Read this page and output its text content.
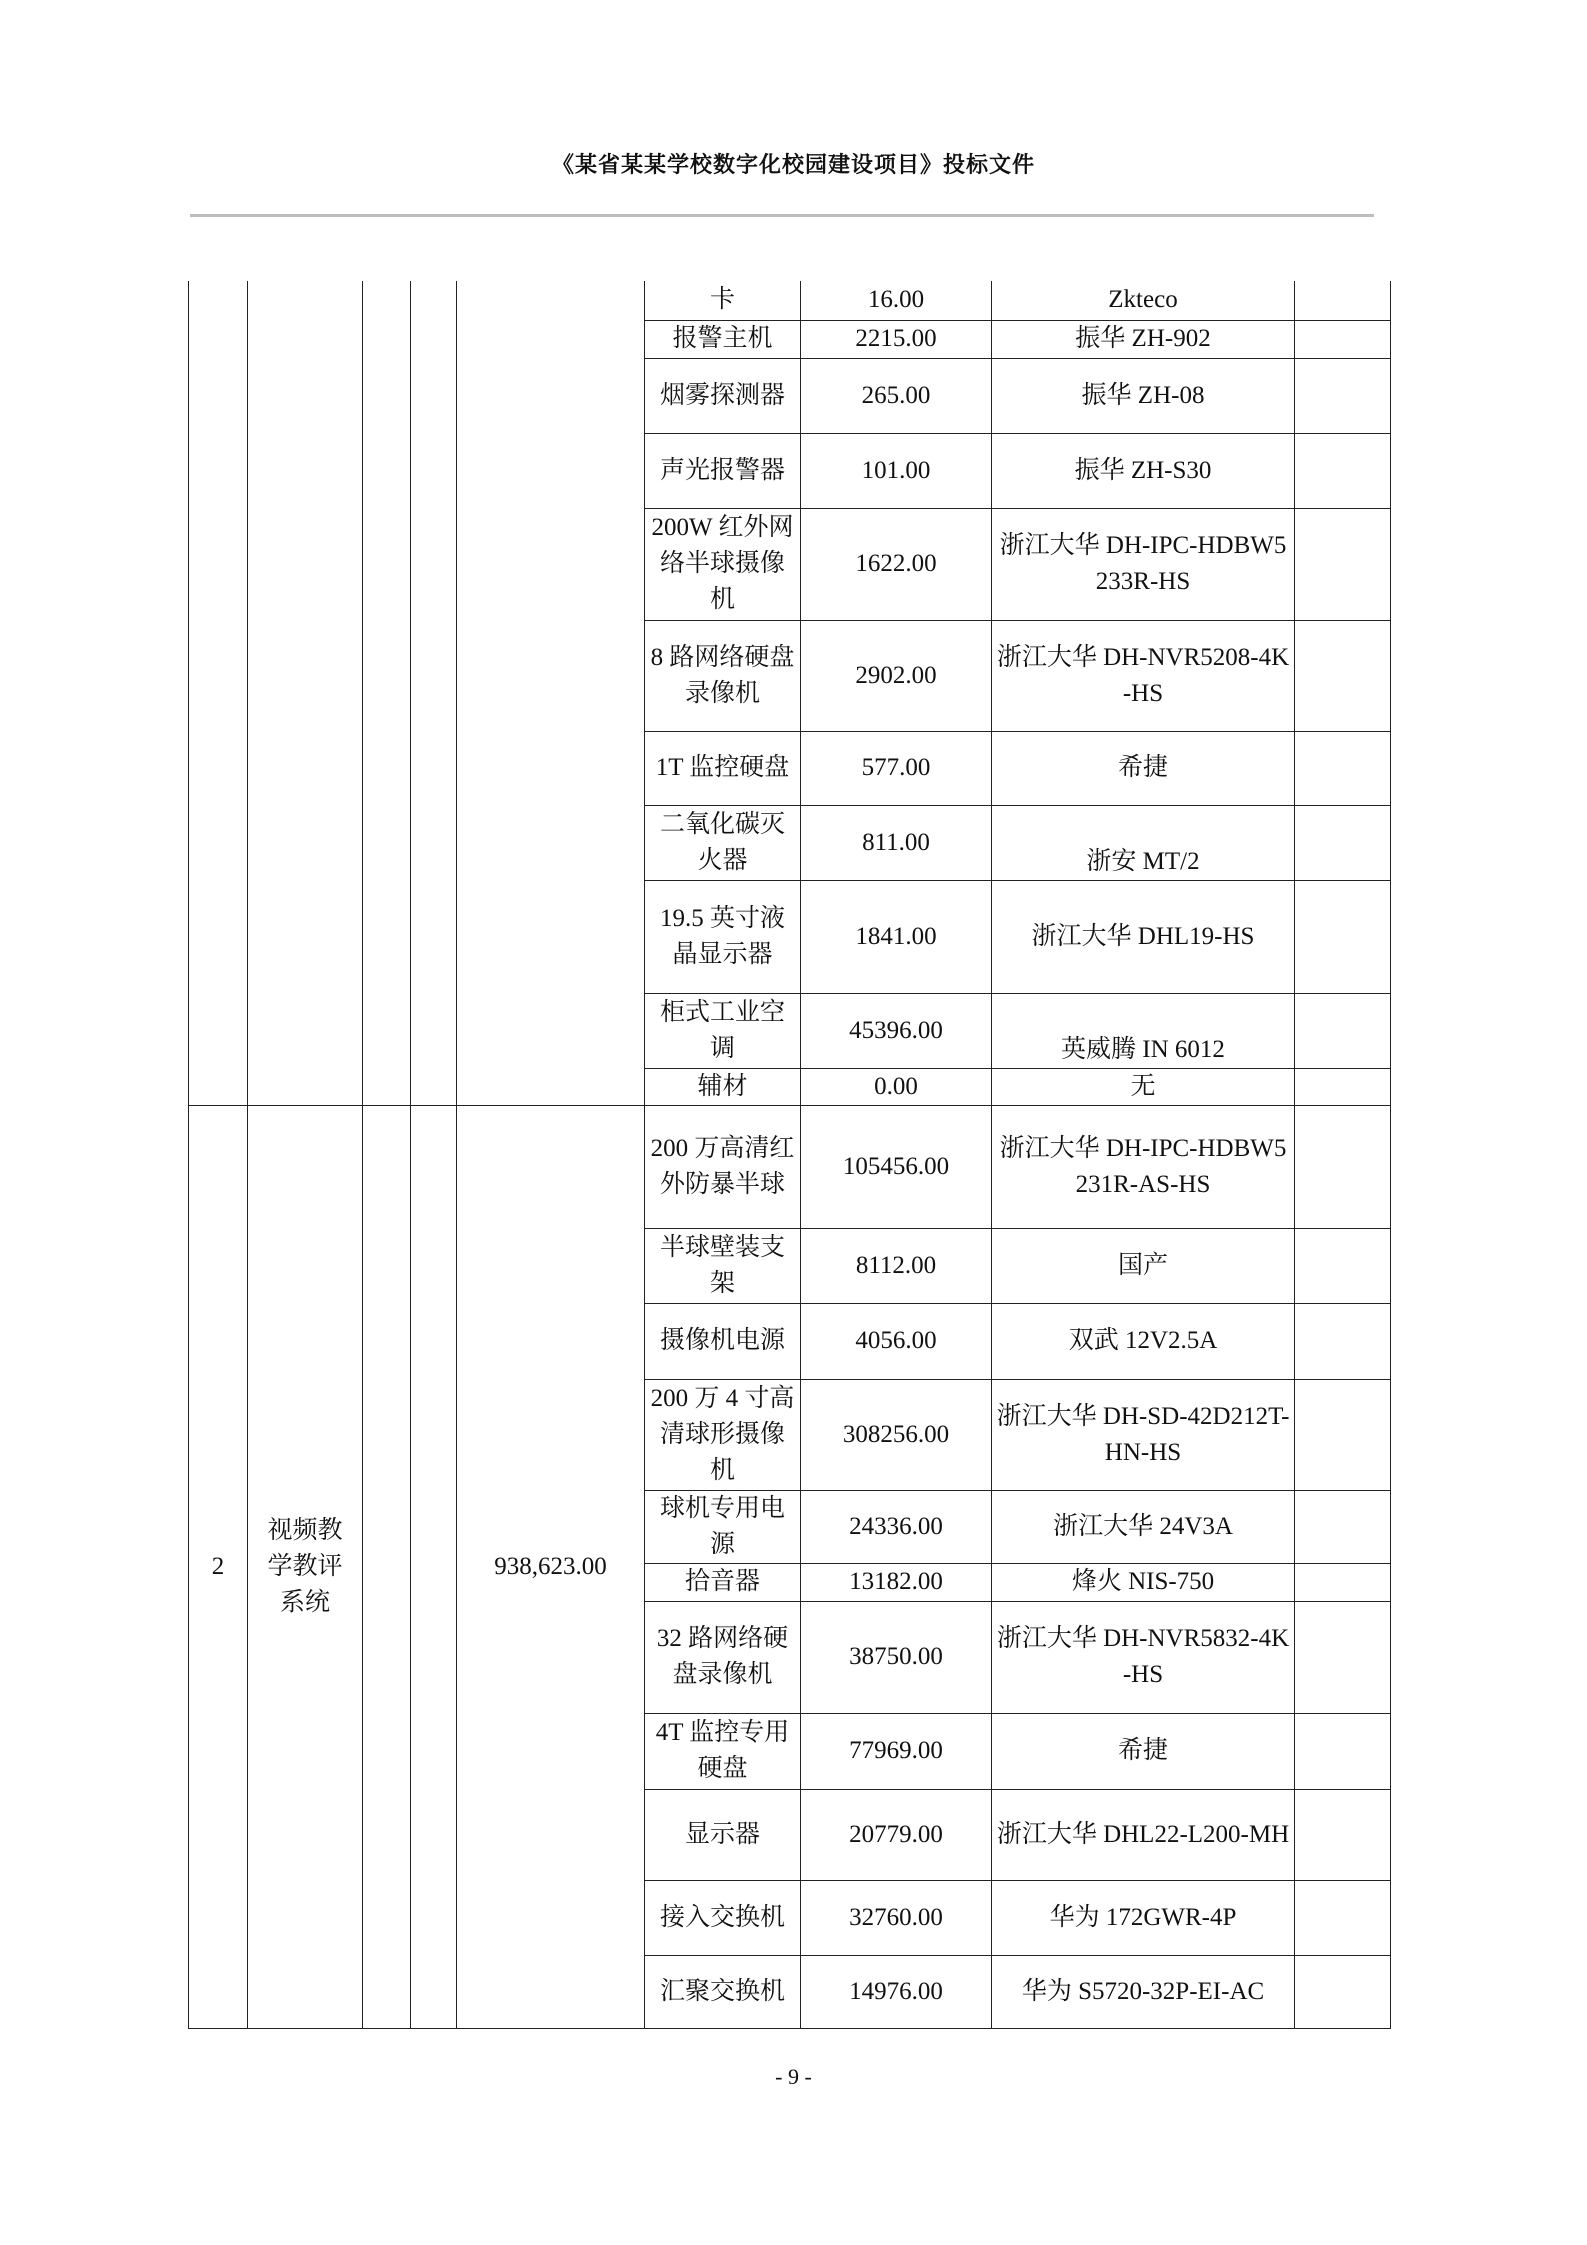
《某省某某学校数字化校园建设项目》投标文件
					卡	16.00	Zkteco	
					报警主机	2215.00	振华 ZH-902	
					烟雾探测器	265.00	振华 ZH-08	
					声光报警器	101.00	振华 ZH-S30	
					200W 红外网络半球摄像机	1622.00	浙江大华 DH-IPC-HDBW5233R-HS	
					8 路网络硬盘录像机	2902.00	浙江大华 DH-NVR5208-4K-HS	
					1T 监控硬盘	577.00	希捷	
					二氧化碳灭火器	811.00	浙安 MT/2	
					19.5 英寸液晶显示器	1841.00	浙江大华 DHL19-HS	
					柜式工业空调	45396.00	英威腾 IN 6012	
					辅材	0.00	无	
2	视频教学教评系统			938,623.00	200 万高清红外防暴半球	105456.00	浙江大华 DH-IPC-HDBW5231R-AS-HS	
					半球壁装支架	8112.00	国产	
					摄像机电源	4056.00	双武 12V2.5A	
					200 万 4 寸高清球形摄像机	308256.00	浙江大华 DH-SD-42D212T-HN-HS	
					球机专用电源	24336.00	浙江大华 24V3A	
					拾音器	13182.00	烽火 NIS-750	
					32 路网络硬盘录像机	38750.00	浙江大华 DH-NVR5832-4K-HS	
					4T 监控专用硬盘	77969.00	希捷	
					显示器	20779.00	浙江大华 DHL22-L200-MH	
					接入交换机	32760.00	华为 172GWR-4P	
					汇聚交换机	14976.00	华为 S5720-32P-EI-AC	
- 9 -
